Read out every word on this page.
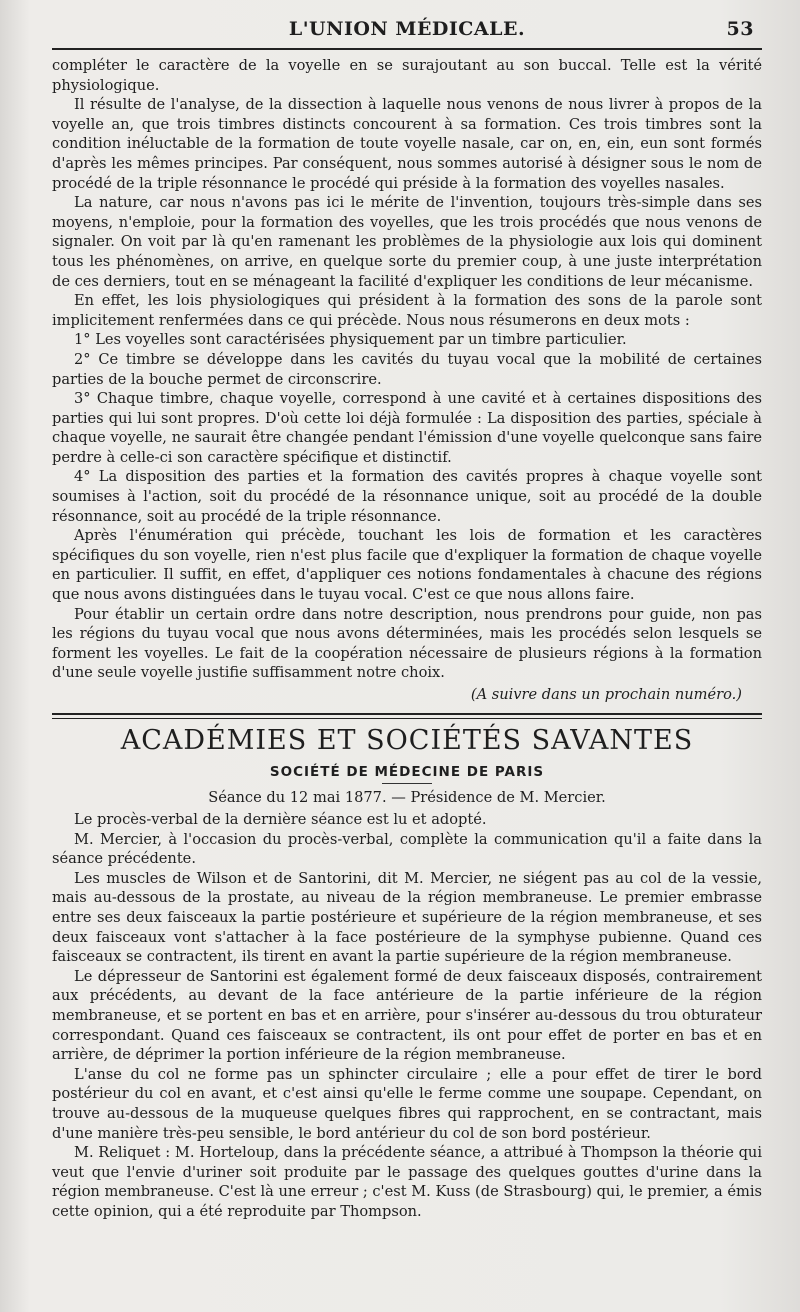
L'UNION MÉDICALE.	53

compléter le caractère de la voyelle en se surajoutant au son buccal. Telle est la vérité physiologique.

Il résulte de l'analyse, de la dissection à laquelle nous venons de nous livrer à propos de la voyelle an, que trois timbres distincts concourent à sa formation. Ces trois timbres sont la condition inéluctable de la formation de toute voyelle nasale, car on, en, ein, eun sont formés d'après les mêmes principes. Par conséquent, nous sommes autorisé à désigner sous le nom de procédé de la triple résonnance le procédé qui préside à la formation des voyelles nasales.

La nature, car nous n'avons pas ici le mérite de l'invention, toujours très-simple dans ses moyens, n'emploie, pour la formation des voyelles, que les trois procédés que nous venons de signaler. On voit par là qu'en ramenant les problèmes de la physiologie aux lois qui dominent tous les phénomènes, on arrive, en quelque sorte du premier coup, à une juste interprétation de ces derniers, tout en se ménageant la facilité d'expliquer les conditions de leur mécanisme.

En effet, les lois physiologiques qui président à la formation des sons de la parole sont implicitement renfermées dans ce qui précède. Nous nous résumerons en deux mots :

1° Les voyelles sont caractérisées physiquement par un timbre particulier.

2° Ce timbre se développe dans les cavités du tuyau vocal que la mobilité de certaines parties de la bouche permet de circonscrire.

3° Chaque timbre, chaque voyelle, correspond à une cavité et à certaines dispositions des parties qui lui sont propres. D'où cette loi déjà formulée : La disposition des parties, spéciale à chaque voyelle, ne saurait être changée pendant l'émission d'une voyelle quelconque sans faire perdre à celle-ci son caractère spécifique et distinctif.

4° La disposition des parties et la formation des cavités propres à chaque voyelle sont soumises à l'action, soit du procédé de la résonnance unique, soit au procédé de la double résonnance, soit au procédé de la triple résonnance.

Après l'énumération qui précède, touchant les lois de formation et les caractères spécifiques du son voyelle, rien n'est plus facile que d'expliquer la formation de chaque voyelle en particulier. Il suffit, en effet, d'appliquer ces notions fondamentales à chacune des régions que nous avons distinguées dans le tuyau vocal. C'est ce que nous allons faire.

Pour établir un certain ordre dans notre description, nous prendrons pour guide, non pas les régions du tuyau vocal que nous avons déterminées, mais les procédés selon lesquels se forment les voyelles. Le fait de la coopération nécessaire de plusieurs régions à la formation d'une seule voyelle justifie suffisamment notre choix.

(A suivre dans un prochain numéro.)
ACADÉMIES ET SOCIÉTÉS SAVANTES
SOCIÉTÉ DE MÉDECINE DE PARIS
Séance du 12 mai 1877. — Présidence de M. Mercier.

Le procès-verbal de la dernière séance est lu et adopté.

M. Mercier, à l'occasion du procès-verbal, complète la communication qu'il a faite dans la séance précédente.

Les muscles de Wilson et de Santorini, dit M. Mercier, ne siégent pas au col de la vessie, mais au-dessous de la prostate, au niveau de la région membraneuse. Le premier embrasse entre ses deux faisceaux la partie postérieure et supérieure de la région membraneuse, et ses deux faisceaux vont s'attacher à la face postérieure de la symphyse pubienne. Quand ces faisceaux se contractent, ils tirent en avant la partie supérieure de la région membraneuse.

Le dépresseur de Santorini est également formé de deux faisceaux disposés, contrairement aux précédents, au devant de la face antérieure de la partie inférieure de la région membraneuse, et se portent en bas et en arrière, pour s'insérer au-dessous du trou obturateur correspondant. Quand ces faisceaux se contractent, ils ont pour effet de porter en bas et en arrière, de déprimer la portion inférieure de la région membraneuse.

L'anse du col ne forme pas un sphincter circulaire ; elle a pour effet de tirer le bord postérieur du col en avant, et c'est ainsi qu'elle le ferme comme une soupape. Cependant, on trouve au-dessous de la muqueuse quelques fibres qui rapprochent, en se contractant, mais d'une manière très-peu sensible, le bord antérieur du col de son bord postérieur.

M. Reliquet : M. Horteloup, dans la précédente séance, a attribué à Thompson la théorie qui veut que l'envie d'uriner soit produite par le passage des quelques gouttes d'urine dans la région membraneuse. C'est là une erreur ; c'est M. Kuss (de Strasbourg) qui, le premier, a émis cette opinion, qui a été reproduite par Thompson.
